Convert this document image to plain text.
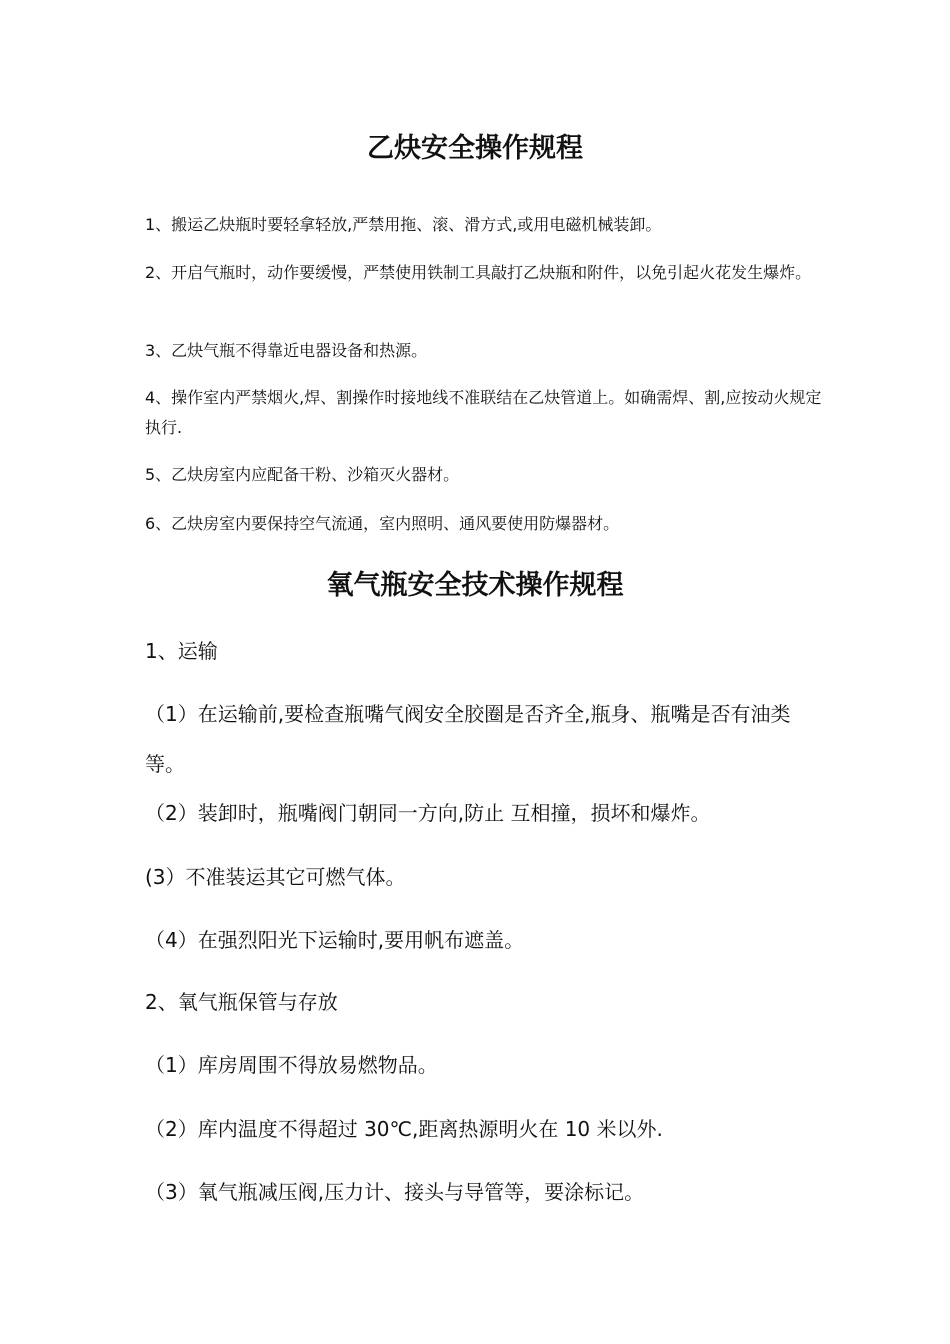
乙炔安全操作规程

1、搬运乙炔瓶时要轻拿轻放,严禁用拖、滚、滑方式,或用电磁机械装卸。

2、开启气瓶时，动作要缓慢，严禁使用铁制工具敲打乙炔瓶和附件，以免引起火花发生爆炸。

3、乙炔气瓶不得靠近电器设备和热源。

4、操作室内严禁烟火,焊、割操作时接地线不准联结在乙炔管道上。如确需焊、割,应按动火规定执行.

5、乙炔房室内应配备干粉、沙箱灭火器材。

6、乙炔房室内要保持空气流通，室内照明、通风要使用防爆器材。

氧气瓶安全技术操作规程

1、运输

（1）在运输前,要检查瓶嘴气阀安全胶圈是否齐全,瓶身、瓶嘴是否有油类等。

（2）装卸时，瓶嘴阀门朝同一方向,防止 互相撞，损坏和爆炸。

(3）不准装运其它可燃气体。

（4）在强烈阳光下运输时,要用帆布遮盖。

2、氧气瓶保管与存放

（1）库房周围不得放易燃物品。

（2）库内温度不得超过 30℃,距离热源明火在 10 米以外.

（3）氧气瓶减压阀,压力计、接头与导管等，要涂标记。
